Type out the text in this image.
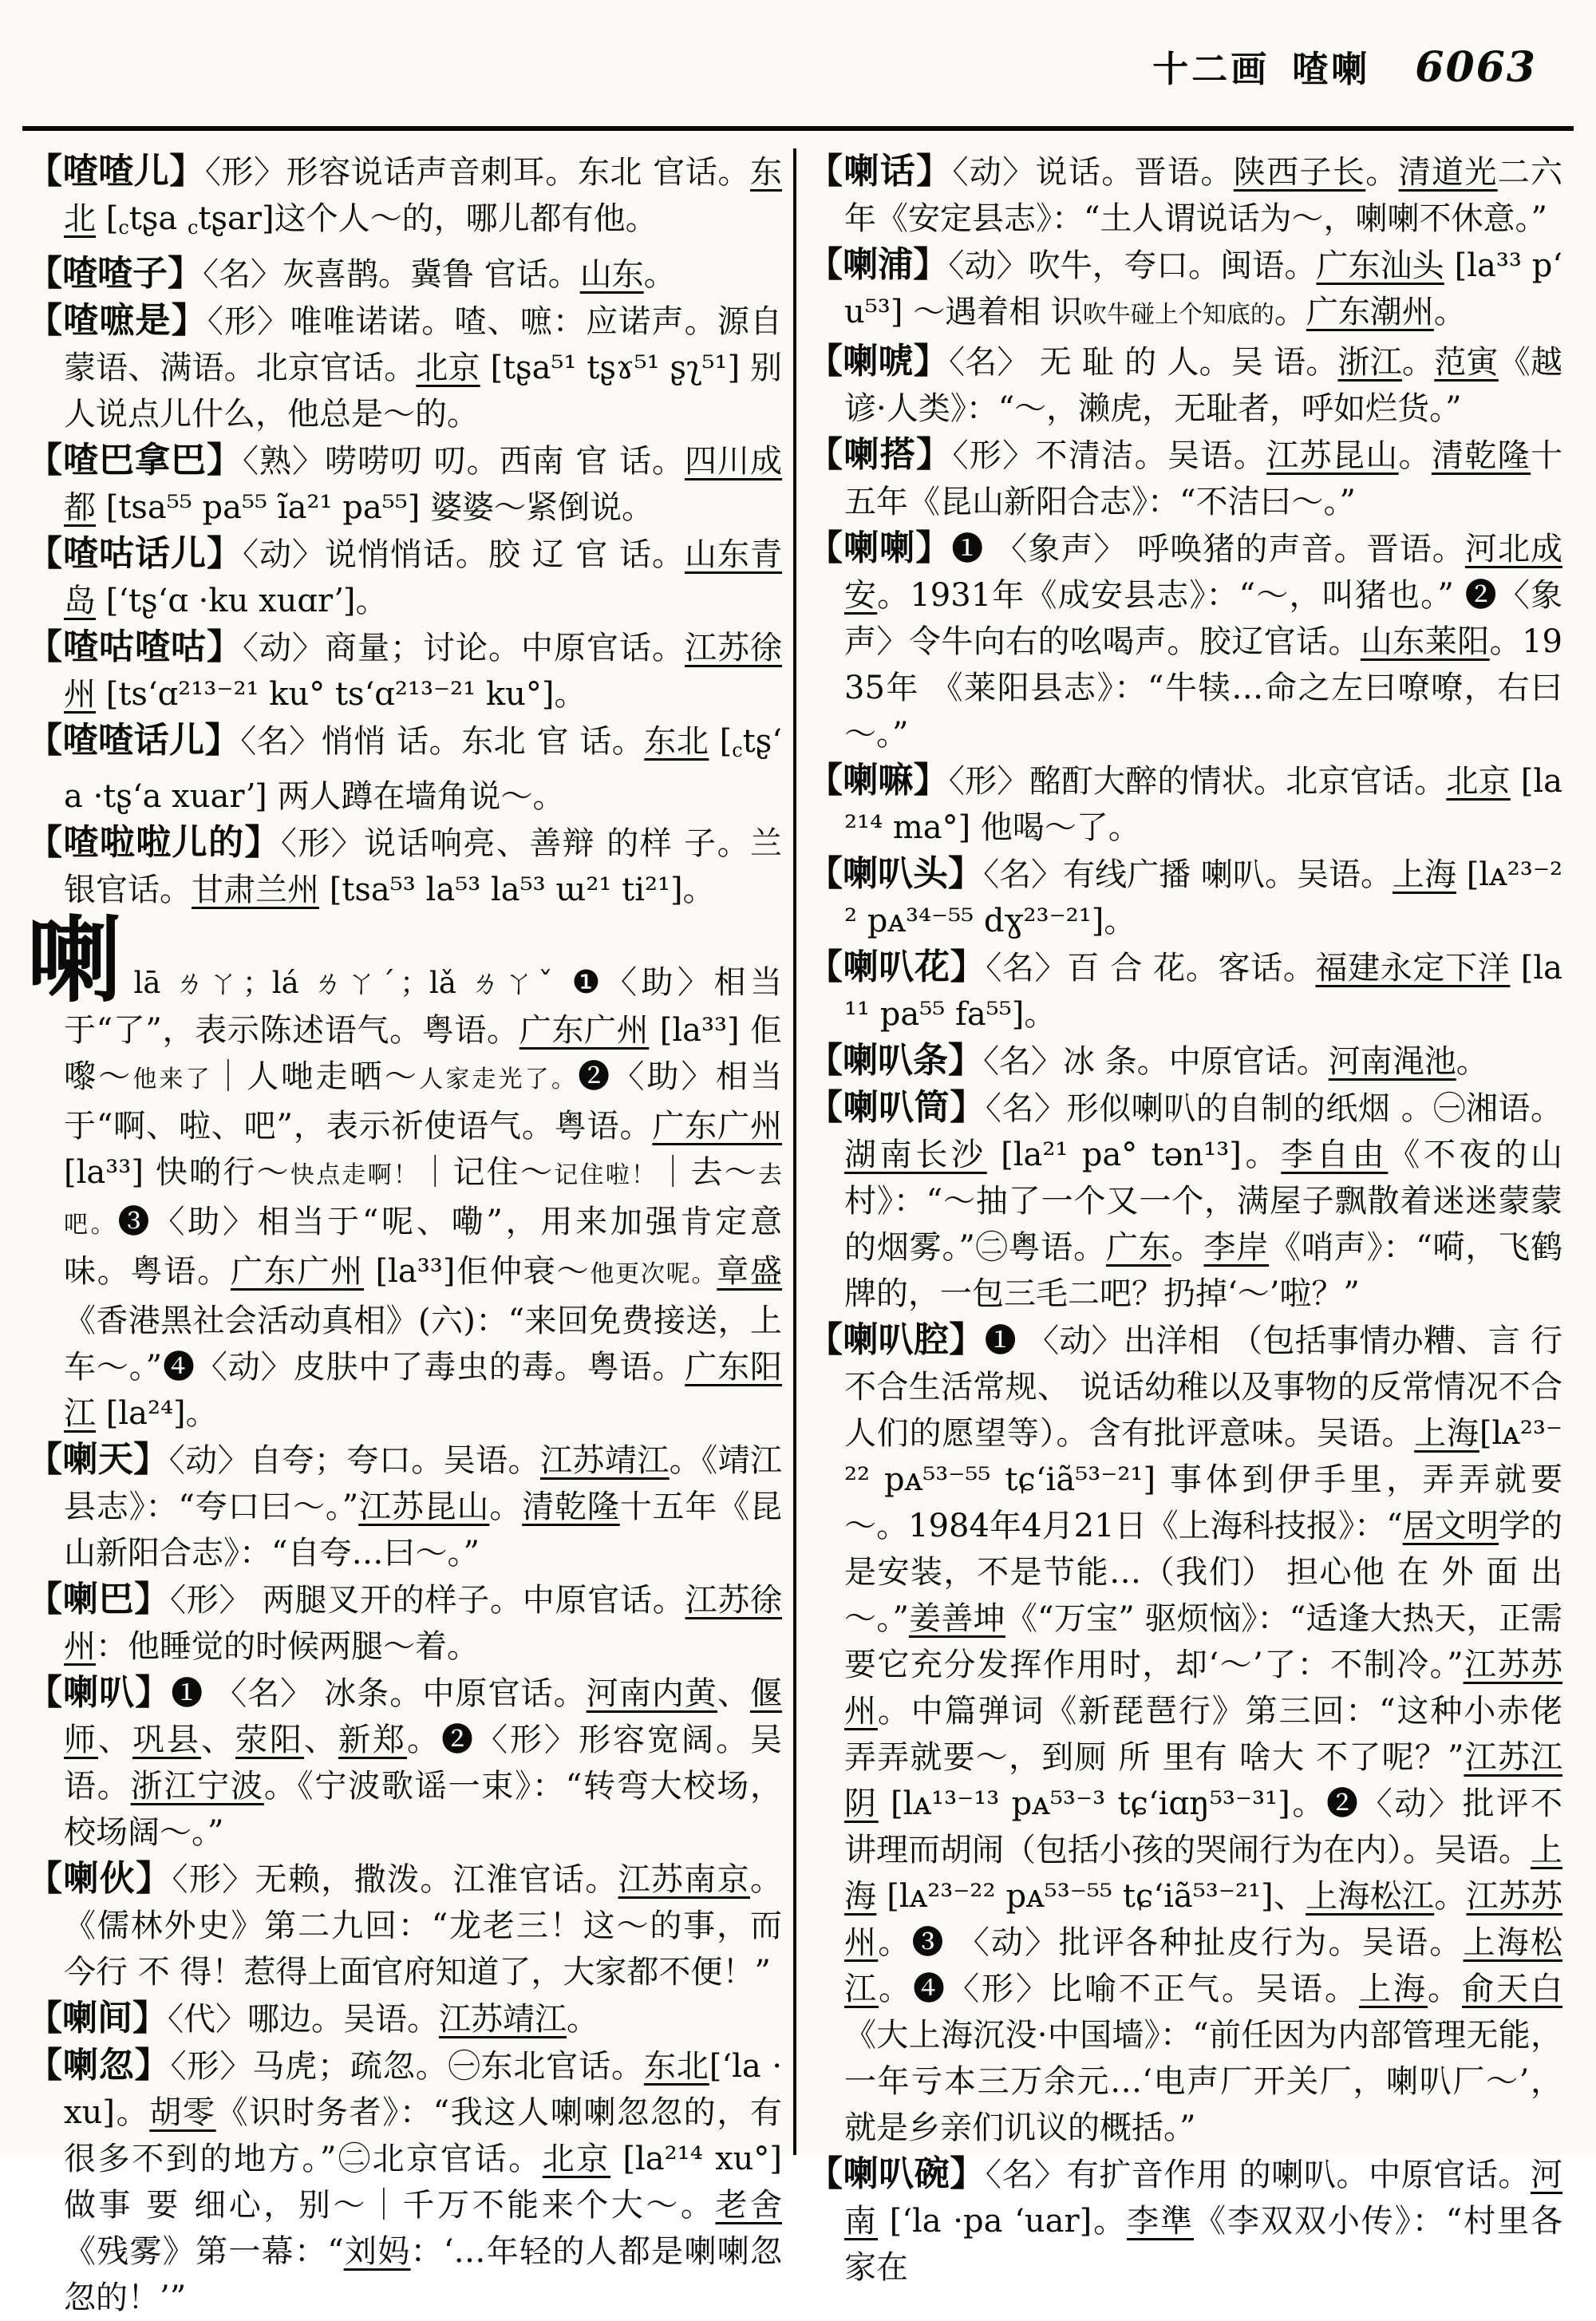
十二画 喳喇 6063

【喳喳儿】〈形〉形容说话声音刺耳。东北 官话。东北 [$_ctʂa$ $_c$tʂar]这个人～的，哪儿都有他。

【喳喳子】〈名〉灰喜鹊。冀鲁 官话。山东。

【喳嗻是】〈形〉唯唯诺诺。喳、嗻：应诺声。源自蒙语、满语。北京官话。北京 [tʂa⁵¹ tʂɤ⁵¹ ʂʅ⁵¹] 别人说点儿什么，他总是～的。

【喳巴拿巴】〈熟〉唠唠叨 叨。西南 官 话。四川成都 [tsa⁵⁵ pa⁵⁵ ĩa²¹ pa⁵⁵] 婆婆～紧倒说。

【喳咕话儿】〈动〉说悄悄话。胶 辽 官 话。山东青岛 [ʻtʂʻɑ ·ku xuɑrʼ]。

【喳咕喳咕】〈动〉商量；讨论。中原官话。江苏徐州 [tsʻɑ²¹³⁻²¹ ku° tsʻɑ²¹³⁻²¹ ku°]。

【喳喳话儿】〈名〉悄悄 话。东北 官 话。东北 [$_ctʂʻa$ ·tʂʻa xuarʼ] 两人蹲在墙角说～。

【喳啦啦儿的】〈形〉说话响亮、善辩 的样 子。兰银官话。甘肃兰州 [tsa⁵³ la⁵³ la⁵³ ɯ²¹ ti²¹]。

喇lā ㄌㄚ；lá ㄌㄚˊ；lǎ ㄌㄚˇ ❶〈助〉相当于“了”，表示陈述语气。粤语。广东广州 [la³³] 佢嚟～他来了｜人哋走晒～人家走光了。❷〈助〉相当于“啊、啦、吧”，表示祈使语气。粤语。广东广州 [la³³] 快啲行～快点走啊！｜记住～记住啦！｜去～去吧。❸〈助〉相当于“呢、嘞”，用来加强肯定意味。粤语。广东广州 [la³³]佢仲衰～他更次呢。章盛《香港黑社会活动真相》(六)：“来回免费接送，上车～。”❹〈动〉皮肤中了毒虫的毒。粤语。广东阳江 [la²⁴]。

【喇天】〈动〉自夸；夸口。吴语。江苏靖江。《靖江 县志》：“夸口曰～。”江苏昆山。清乾隆十五年《昆山新阳合志》：“自夸…曰～。”

【喇巴】〈形〉 两腿叉开的样子。中原官话。江苏徐州：他睡觉的时候两腿～着。

【喇叭】❶ 〈名〉 冰条。中原官话。河南内黄、偃师、巩县、荥阳、新郑。❷〈形〉形容宽阔。吴语。浙江宁波。《宁波歌谣一束》：“转弯大校场，校场阔～。”

【喇伙】〈形〉无赖，撒泼。江淮官话。江苏南京。《儒林外史》第二九回：“龙老三！这～的事，而今行 不 得！惹得上面官府知道了，大家都不便！”

【喇间】〈代〉哪边。吴语。江苏靖江。

【喇忽】〈形〉马虎；疏忽。㊀东北官话。东北[ʻla ·xu]。胡零《识时务者》：“我这人喇喇忽忽的，有很多不到的地方。”㊁北京官话。北京 [la²¹⁴ xu°] 做事 要 细心，别～｜千万不能来个大～。老舍《残雾》第一幕：“刘妈：‘…年轻的人都是喇喇忽忽的！’”

【喇话】〈动〉说话。晋语。陕西子长。清道光二六年《安定县志》：“土人谓说话为～，喇喇不休意。”

【喇浦】〈动〉吹牛，夸口。闽语。广东汕头 [la³³ pʻu⁵³] ～遇着相 识吹牛碰上个知底的。广东潮州。

【喇唬】〈名〉 无 耻 的 人。吴 语。浙江。范寅《越谚·人类》：“～，濑虎，无耻者，呼如烂货。”

【喇搭】〈形〉不清洁。吴语。江苏昆山。清乾隆十五年《昆山新阳合志》：“不洁曰～。”

【喇喇】❶ 〈象声〉 呼唤猪的声音。晋语。河北成安。1931年《成安县志》：“～，叫猪也。” ❷〈象声〉令牛向右的吆喝声。胶辽官话。山东莱阳。1935年 《莱阳县志》：“牛犊…命之左曰嘹嘹，右曰～。”

【喇嘛】〈形〉酩酊大醉的情状。北京官话。北京 [la²¹⁴ ma°] 他喝～了。

【喇叭头】〈名〉有线广播 喇叭。吴语。上海 [lᴀ²³⁻²² pᴀ³⁴⁻⁵⁵ dɣ²³⁻²¹]。

【喇叭花】〈名〉百 合 花。客话。福建永定下洋 [la¹¹ pa⁵⁵ fa⁵⁵]。

【喇叭条】〈名〉冰 条。中原官话。河南渑池。

【喇叭筒】〈名〉形似喇叭的自制的纸烟 。㊀湘语。湖南长沙 [la²¹ pa° tən¹³]。李自由《不夜的山村》：“～抽了一个又一个，满屋子飘散着迷迷蒙蒙的烟雾。”㊁粤语。广东。李岸《哨声》：“嗬，飞鹤牌的，一包三毛二吧？扔掉‘～’啦？”

【喇叭腔】❶ 〈动〉出洋相 （包括事情办糟、言 行 不合生活常规、 说话幼稚以及事物的反常情况不合人们的愿望等）。含有批评意味。吴语。上海[lᴀ²³⁻²² pᴀ⁵³⁻⁵⁵ tɕʻiã⁵³⁻²¹] 事体到伊手里，弄弄就要～。1984年4月21日《上海科技报》：“居文明学的是安装，不是节能…（我们） 担心他 在 外 面 出～。”姜善坤《“万宝” 驱烦恼》：“适逢大热天，正需要它充分发挥作用时，却‘～’了：不制冷。”江苏苏州。中篇弹词《新琵琶行》第三回：“这种小赤佬弄弄就要～，到厕 所 里有 啥大 不了呢？”江苏江阴 [lᴀ¹³⁻¹³ pᴀ⁵³⁻³ tɕʻiɑŋ⁵³⁻³¹]。❷〈动〉批评不讲理而胡闹（包括小孩的哭闹行为在内）。吴语。上海 [lᴀ²³⁻²² pᴀ⁵³⁻⁵⁵ tɕʻiã⁵³⁻²¹]、上海松江。江苏苏州。❸ 〈动〉批评各种扯皮行为。吴语。上海松江。❹〈形〉比喻不正气。吴语。上海。俞天白《大上海沉没·中国墙》：“前任因为内部管理无能，一年亏本三万余元…‘电声厂开关厂，喇叭厂～’，就是乡亲们讥议的概括。”

【喇叭碗】〈名〉有扩音作用 的喇叭。中原官话。河南 [ʻla ·pa ʻuar]。李準《李双双小传》：“村里各家在
